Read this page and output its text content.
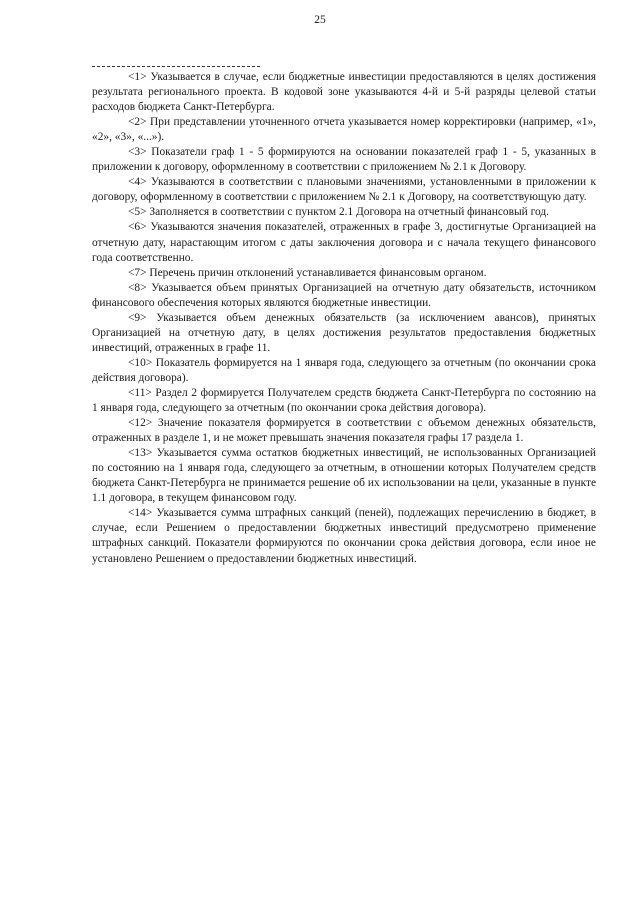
25

<1> Указывается в случае, если бюджетные инвестиции предоставляются в целях достижения результата регионального проекта. В кодовой зоне указываются 4-й и 5-й разряды целевой статьи расходов бюджета Санкт-Петербурга.

<2> При представлении уточненного отчета указывается номер корректировки (например, «1», «2», «3», «...»).

<3> Показатели граф 1 - 5 формируются на основании показателей граф 1 - 5, указанных в приложении к договору, оформленному в соответствии с приложением № 2.1 к Договору.

<4> Указываются в соответствии с плановыми значениями, установленными в приложении к договору, оформленному в соответствии с приложением № 2.1 к Договору, на соответствующую дату.

<5> Заполняется в соответствии с пунктом 2.1 Договора на отчетный финансовый год.

<6> Указываются значения показателей, отраженных в графе 3, достигнутые Организацией на отчетную дату, нарастающим итогом с даты заключения договора и с начала текущего финансового года соответственно.

<7> Перечень причин отклонений устанавливается финансовым органом.

<8> Указывается объем принятых Организацией на отчетную дату обязательств, источником финансового обеспечения которых являются бюджетные инвестиции.

<9> Указывается объем денежных обязательств (за исключением авансов), принятых Организацией на отчетную дату, в целях достижения результатов предоставления бюджетных инвестиций, отраженных в графе 11.

<10> Показатель формируется на 1 января года, следующего за отчетным (по окончании срока действия договора).

<11> Раздел 2 формируется Получателем средств бюджета Санкт-Петербурга по состоянию на 1 января года, следующего за отчетным (по окончании срока действия договора).

<12> Значение показателя формируется в соответствии с объемом денежных обязательств, отраженных в разделе 1, и не может превышать значения показателя графы 17 раздела 1.

<13> Указывается сумма остатков бюджетных инвестиций, не использованных Организацией по состоянию на 1 января года, следующего за отчетным, в отношении которых Получателем средств бюджета Санкт-Петербурга не принимается решение об их использовании на цели, указанные в пункте 1.1 договора, в текущем финансовом году.

<14> Указывается сумма штрафных санкций (пеней), подлежащих перечислению в бюджет, в случае, если Решением о предоставлении бюджетных инвестиций предусмотрено применение штрафных санкций. Показатели формируются по окончании срока действия договора, если иное не установлено Решением о предоставлении бюджетных инвестиций.
